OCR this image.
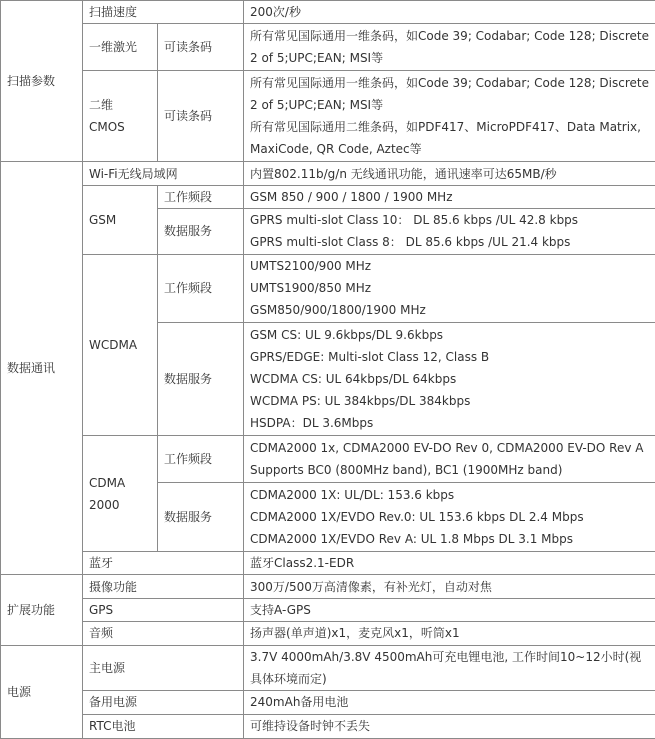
扫描参数	扫描速度		200次/秒
	一维激光	可读条码	所有常见国际通用一维条码，如Code 39; Codabar; Code 128; Discrete 2 of 5;UPC;EAN; MSI等
	二维
CMOS	可读条码	所有常见国际通用一维条码，如Code 39; Codabar; Code 128; Discrete 2 of 5;UPC;EAN; MSI等
所有常见国际通用二维条码，如PDF417、MicroPDF417、Data Matrix, MaxiCode, QR Code, Aztec等
数据通讯	Wi-Fi无线局域网		内置802.11b/g/n 无线通讯功能，通讯速率可达65MB/秒
	GSM	工作频段	GSM 850 / 900 / 1800 / 1900 MHz
		数据服务	GPRS multi-slot Class 10： DL 85.6 kbps /UL 42.8 kbps
GPRS multi-slot Class 8： DL 85.6 kbps /UL 21.4 kbps
	WCDMA	工作频段	UMTS2100/900 MHz
UMTS1900/850 MHz
GSM850/900/1800/1900 MHz
		数据服务	GSM CS: UL 9.6kbps/DL 9.6kbps
GPRS/EDGE: Multi-slot Class 12, Class B
WCDMA CS: UL 64kbps/DL 64kbps
WCDMA PS: UL 384kbps/DL 384kbps
HSDPA：DL 3.6Mbps
	CDMA
2000	工作频段	CDMA2000 1x, CDMA2000 EV-DO Rev 0, CDMA2000 EV-DO Rev A Supports BC0 (800MHz band), BC1 (1900MHz band)
		数据服务	CDMA2000 1X: UL/DL: 153.6 kbps
CDMA2000 1X/EVDO Rev.0: UL 153.6 kbps DL 2.4 Mbps
CDMA2000 1X/EVDO Rev A: UL 1.8 Mbps DL 3.1 Mbps
	蓝牙		蓝牙Class2.1-EDR
扩展功能	摄像功能		300万/500万高清像素，有补光灯，自动对焦
	GPS		支持A-GPS
	音频		扬声器(单声道)x1，麦克风x1，听筒x1
电源	主电源		3.7V 4000mAh/3.8V 4500mAh可充电锂电池, 工作时间10~12小时(视具体环境而定)
	备用电源		240mAh备用电池
	RTC电池		可维持设备时钟不丢失
